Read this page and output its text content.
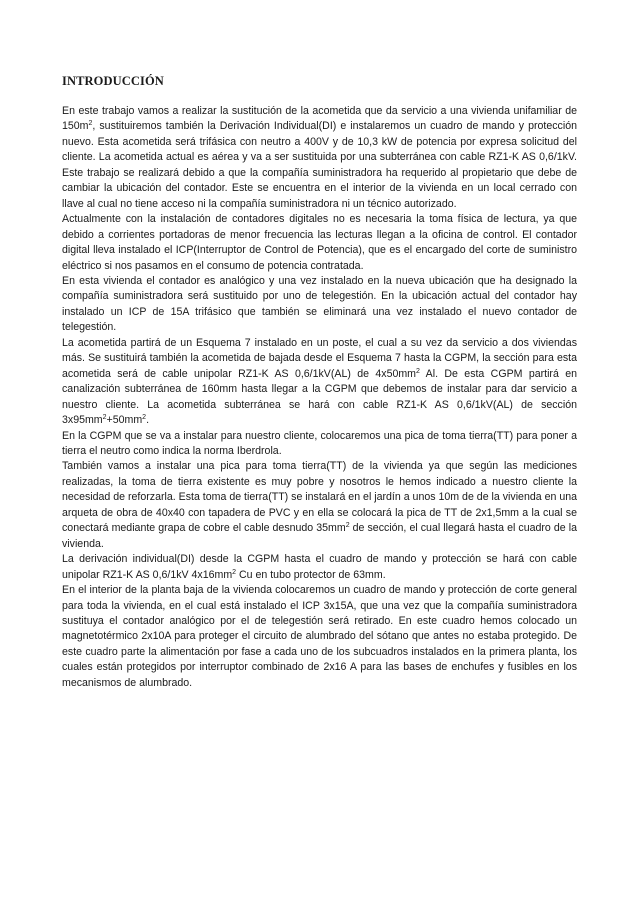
INTRODUCCIÓN

En este trabajo vamos a realizar la sustitución de la acometida que da servicio a una vivienda unifamiliar de $150m^2$, sustituiremos también la Derivación Individual(DI) e instalaremos un cuadro de mando y protección nuevo. Esta acometida será trifásica con neutro a 400V y de 10,3 kW de potencia por expresa solicitud del cliente. La acometida actual es aérea y va a ser sustituida por una subterránea con cable RZ1-K AS 0,6/1kV. Este trabajo se realizará debido a que la compañía suministradora ha requerido al propietario que debe de cambiar la ubicación del contador. Este se encuentra en el interior de la vivienda en un local cerrado con llave al cual no tiene acceso ni la compañía suministradora ni un técnico autorizado.

Actualmente con la instalación de contadores digitales no es necesaria la toma física de lectura, ya que debido a corrientes portadoras de menor frecuencia las lecturas llegan a la oficina de control. El contador digital lleva instalado el ICP(Interruptor de Control de Potencia), que es el encargado del corte de suministro eléctrico si nos pasamos en el consumo de potencia contratada.

En esta vivienda el contador es analógico y una vez instalado en la nueva ubicación que ha designado la compañía suministradora será sustituido por uno de telegestión. En la ubicación actual del contador hay instalado un ICP de 15A trifásico que también se eliminará una vez instalado el nuevo contador de telegestión.

La acometida partirá de un Esquema 7 instalado en un poste, el cual a su vez da servicio a dos viviendas más. Se sustituirá también la acometida de bajada desde el Esquema 7 hasta la CGPM, la sección para esta acometida será de cable unipolar RZ1-K AS 0,6/1kV(AL) de $4x50mm^2$ Al. De esta CGPM partirá en canalización subterránea de 160mm hasta llegar a la CGPM que debemos de instalar para dar servicio a nuestro cliente. La acometida subterránea se hará con cable RZ1-K AS 0,6/1kV(AL) de sección $3x95mm^2+50mm^2$.

En la CGPM que se va a instalar para nuestro cliente, colocaremos una pica de toma tierra(TT) para poner a tierra el neutro como indica la norma Iberdrola.

También vamos a instalar una pica para toma tierra(TT) de la vivienda ya que según las mediciones realizadas, la toma de tierra existente es muy pobre y nosotros le hemos indicado a nuestro cliente la necesidad de reforzarla. Esta toma de tierra(TT) se instalará en el jardín a unos 10m de de la vivienda en una arqueta de obra de 40x40 con tapadera de PVC y en ella se colocará la pica de TT de 2x1,5mm a la cual se conectará mediante grapa de cobre el cable desnudo $35mm^2$ de sección, el cual llegará hasta el cuadro de la vivienda.

La derivación individual(DI) desde la CGPM hasta el cuadro de mando y protección se hará con cable unipolar RZ1-K AS 0,6/1kV $4x16mm^2$ Cu en tubo protector de 63mm.

En el interior de la planta baja de la vivienda colocaremos un cuadro de mando y protección de corte general para toda la vivienda, en el cual está instalado el ICP 3x15A, que una vez que la compañía suministradora sustituya el contador analógico por el de telegestión será retirado. En este cuadro hemos colocado un magnetotérmico 2x10A para proteger el circuito de alumbrado del sótano que antes no estaba protegido. De este cuadro parte la alimentación por fase a cada uno de los subcuadros instalados en la primera planta, los cuales están protegidos por interruptor combinado de 2x16 A para las bases de enchufes y fusibles en los mecanismos de alumbrado.
